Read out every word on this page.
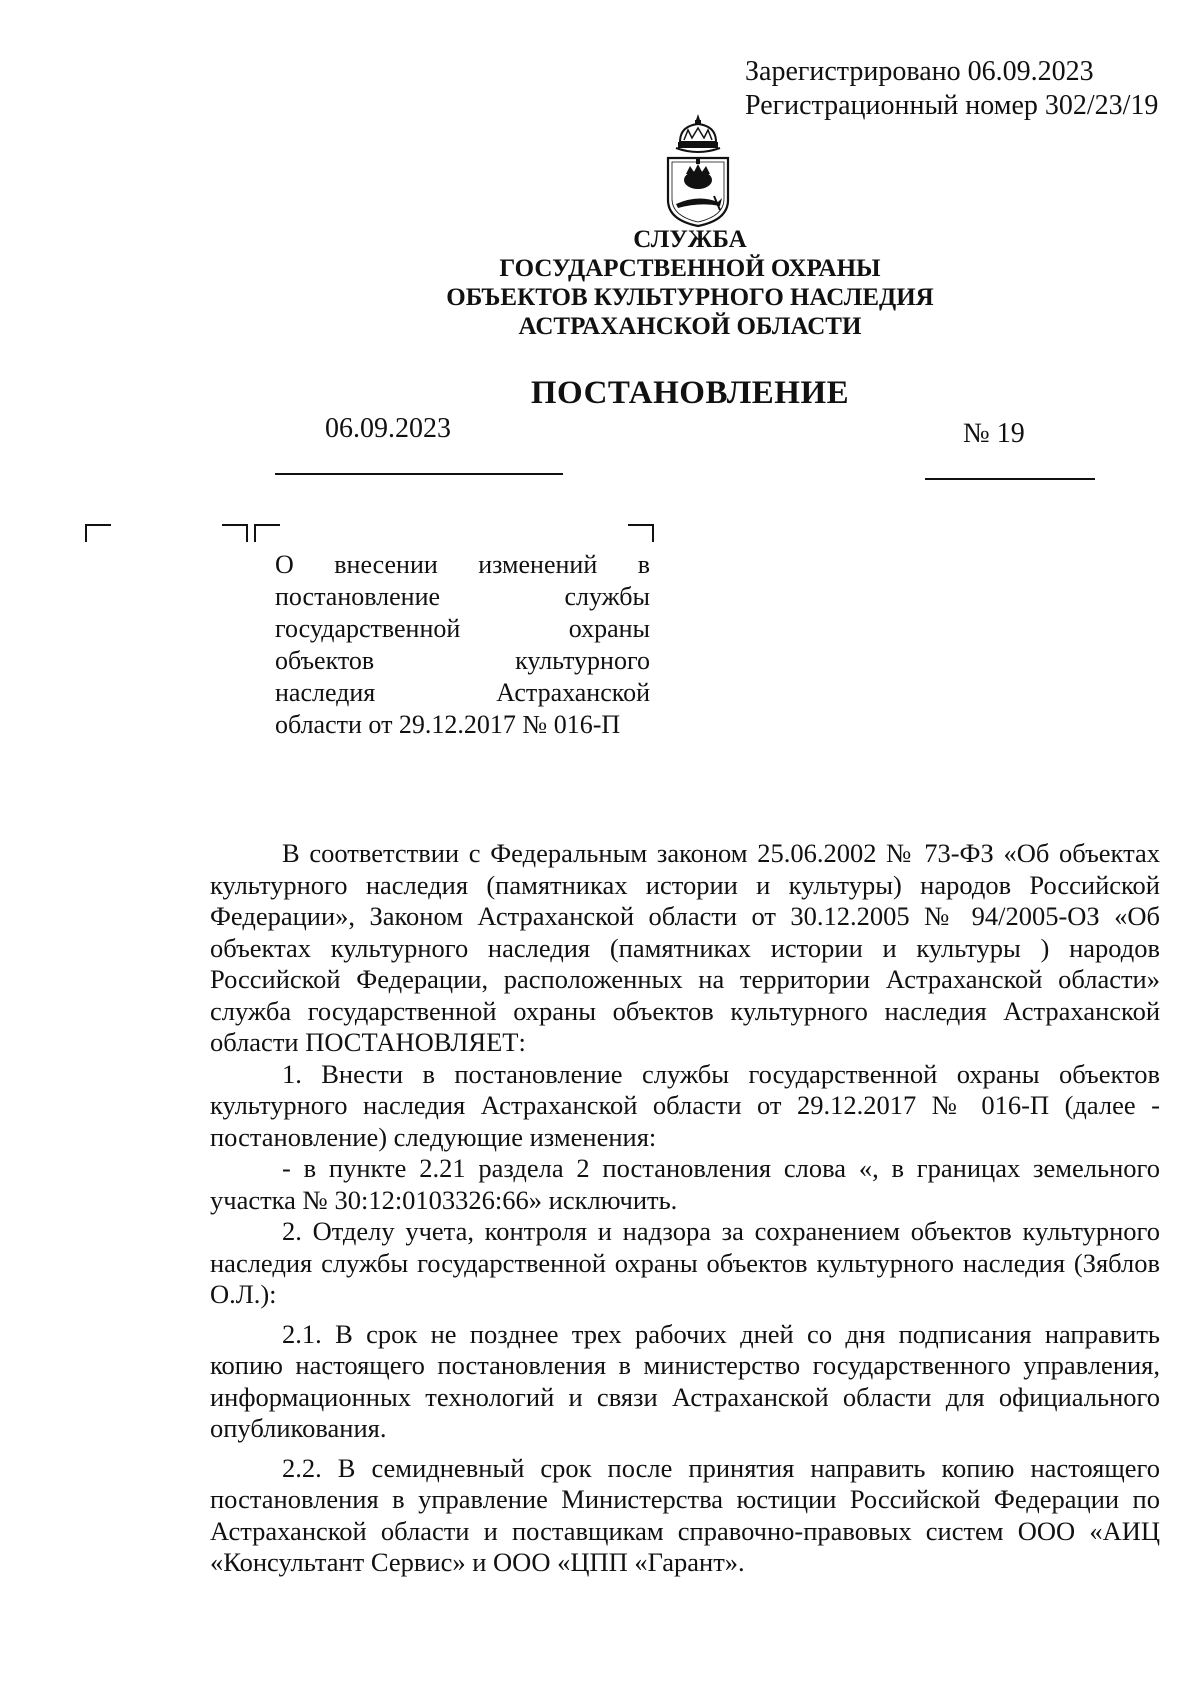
Зарегистрировано 06.09.2023
Регистрационный номер 302/23/19
СЛУЖБА
ГОСУДАРСТВЕННОЙ ОХРАНЫ
ОБЪЕКТОВ КУЛЬТУРНОГО НАСЛЕДИЯ
АСТРАХАНСКОЙ ОБЛАСТИ
ПОСТАНОВЛЕНИЕ
06.09.2023	№ 19
О внесении изменений в
постановление службы
государственной охраны
объектов культурного
наследия Астраханской
области от 29.12.2017 № 016-П

В соответствии с Федеральным законом 25.06.2002 № 73-ФЗ «Об объектах культурного наследия (памятниках истории и культуры) народов Российской Федерации», Законом Астраханской области от 30.12.2005 № 94/2005-ОЗ «Об объектах культурного наследия (памятниках истории и культуры ) народов Российской Федерации, расположенных на территории Астраханской области» служба государственной охраны объектов культурного наследия Астраханской области ПОСТАНОВЛЯЕТ:

1. Внести в постановление службы государственной охраны объектов культурного наследия Астраханской области от 29.12.2017 № 016-П (далее - постановление) следующие изменения:

- в пункте 2.21 раздела 2 постановления слова «, в границах земельного участка № 30:12:0103326:66» исключить.

2. Отделу учета, контроля и надзора за сохранением объектов культурного наследия службы государственной охраны объектов культурного наследия (Зяблов О.Л.):

2.1. В срок не позднее трех рабочих дней со дня подписания направить копию настоящего постановления в министерство государственного управления, информационных технологий и связи Астраханской области для официального опубликования.

2.2. В семидневный срок после принятия направить копию настоящего постановления в управление Министерства юстиции Российской Федерации по Астраханской области и поставщикам справочно-правовых систем ООО «АИЦ «Консультант Сервис» и ООО «ЦПП «Гарант».
